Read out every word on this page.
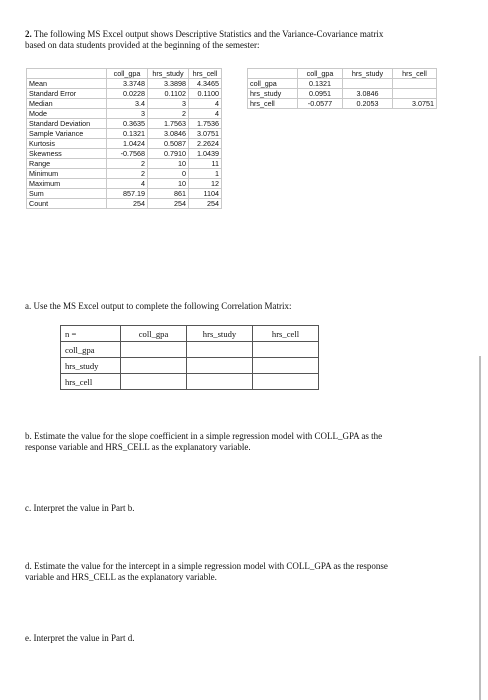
2. The following MS Excel output shows Descriptive Statistics and the Variance-Covariance matrix
based on data students provided at the beginning of the semester:
	coll_gpa	hrs_study	hrs_cell
Mean	3.3748	3.3898	4.3465
Standard Error	0.0228	0.1102	0.1100
Median	3.4	3	4
Mode	3	2	4
Standard Deviation	0.3635	1.7563	1.7536
Sample Variance	0.1321	3.0846	3.0751
Kurtosis	1.0424	0.5087	2.2624
Skewness	-0.7568	0.7910	1.0439
Range	2	10	11
Minimum	2	0	1
Maximum	4	10	12
Sum	857.19	861	1104
Count	254	254	254
	coll_gpa	hrs_study	hrs_cell
coll_gpa	0.1321		
hrs_study	0.0951	3.0846	
hrs_cell	-0.0577	0.2053	3.0751
a. Use the MS Excel output to complete the following Correlation Matrix:
n =	coll_gpa	hrs_study	hrs_cell
coll_gpa			
hrs_study			
hrs_cell			
b. Estimate the value for the slope coefficient in a simple regression model with COLL_GPA as the
response variable and HRS_CELL as the explanatory variable.
c. Interpret the value in Part b.
d. Estimate the value for the intercept in a simple regression model with COLL_GPA as the response
variable and HRS_CELL as the explanatory variable.
e. Interpret the value in Part d.
